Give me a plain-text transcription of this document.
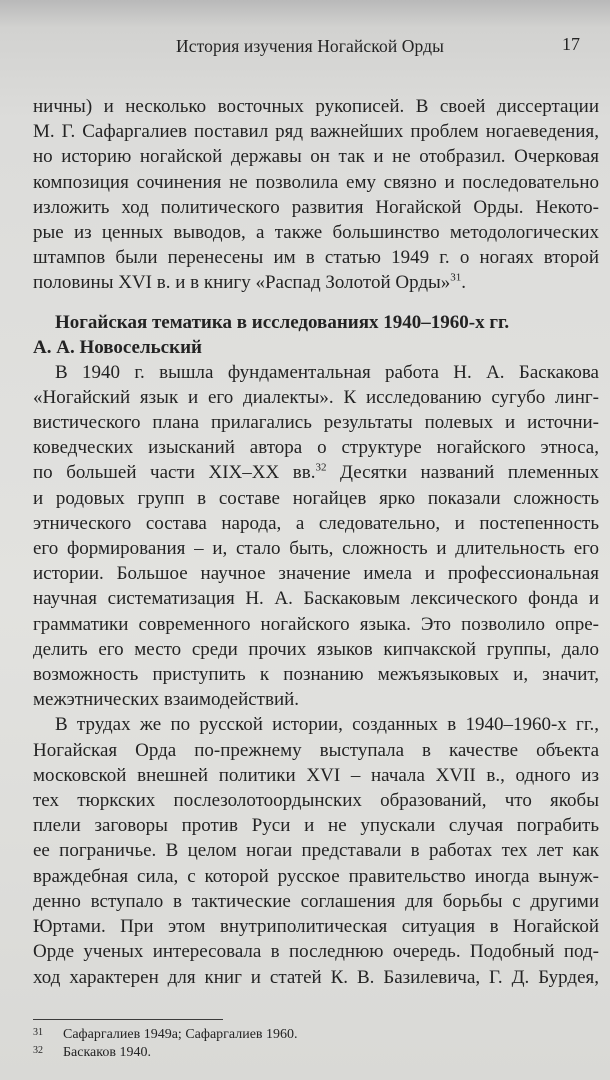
История изучения Ногайской Орды	17

ничны) и несколько восточных рукописей. В своей диссертации
М. Г. Сафаргалиев поставил ряд важнейших проблем ногаеведения,
но историю ногайской державы он так и не отобразил. Очерковая
композиция сочинения не позволила ему связно и последовательно
изложить ход политического развития Ногайской Орды. Некото-
рые из ценных выводов, а также большинство методологических
штампов были перенесены им в статью 1949 г. о ногаях второй
половины XVI в. и в книгу «Распад Золотой Орды»$^{31}$.

Ногайская тематика в исследованиях 1940–1960-х гг.
А. А. Новосельский

В 1940 г. вышла фундаментальная работа Н. А. Баскакова
«Ногайский язык и его диалекты». К исследованию сугубо линг-
вистического плана прилагались результаты полевых и источни-
коведческих изысканий автора о структуре ногайского этноса,
по большей части XIX–XX вв.$^{32}$ Десятки названий племенных
и родовых групп в составе ногайцев ярко показали сложность
этнического состава народа, а следовательно, и постепенность
его формирования – и, стало быть, сложность и длительность его
истории. Большое научное значение имела и профессиональная
научная систематизация Н. А. Баскаковым лексического фонда и
грамматики современного ногайского языка. Это позволило опре-
делить его место среди прочих языков кипчакской группы, дало
возможность приступить к познанию межъязыковых и, значит,
межэтнических взаимодействий.

В трудах же по русской истории, созданных в 1940–1960-х гг.,
Ногайская Орда по-прежнему выступала в качестве объекта
московской внешней политики XVI – начала XVII в., одного из
тех тюркских послезолотоордынских образований, что якобы
плели заговоры против Руси и не упускали случая пограбить
ее пограничье. В целом ногаи представали в работах тех лет как
враждебная сила, с которой русское правительство иногда вынуж-
денно вступало в тактические соглашения для борьбы с другими
Юртами. При этом внутриполитическая ситуация в Ногайской
Орде ученых интересовала в последнюю очередь. Подобный под-
ход характерен для книг и статей К. В. Базилевича, Г. Д. Бурдея,

31	Сафаргалиев 1949а; Сафаргалиев 1960.
32	Баскаков 1940.
